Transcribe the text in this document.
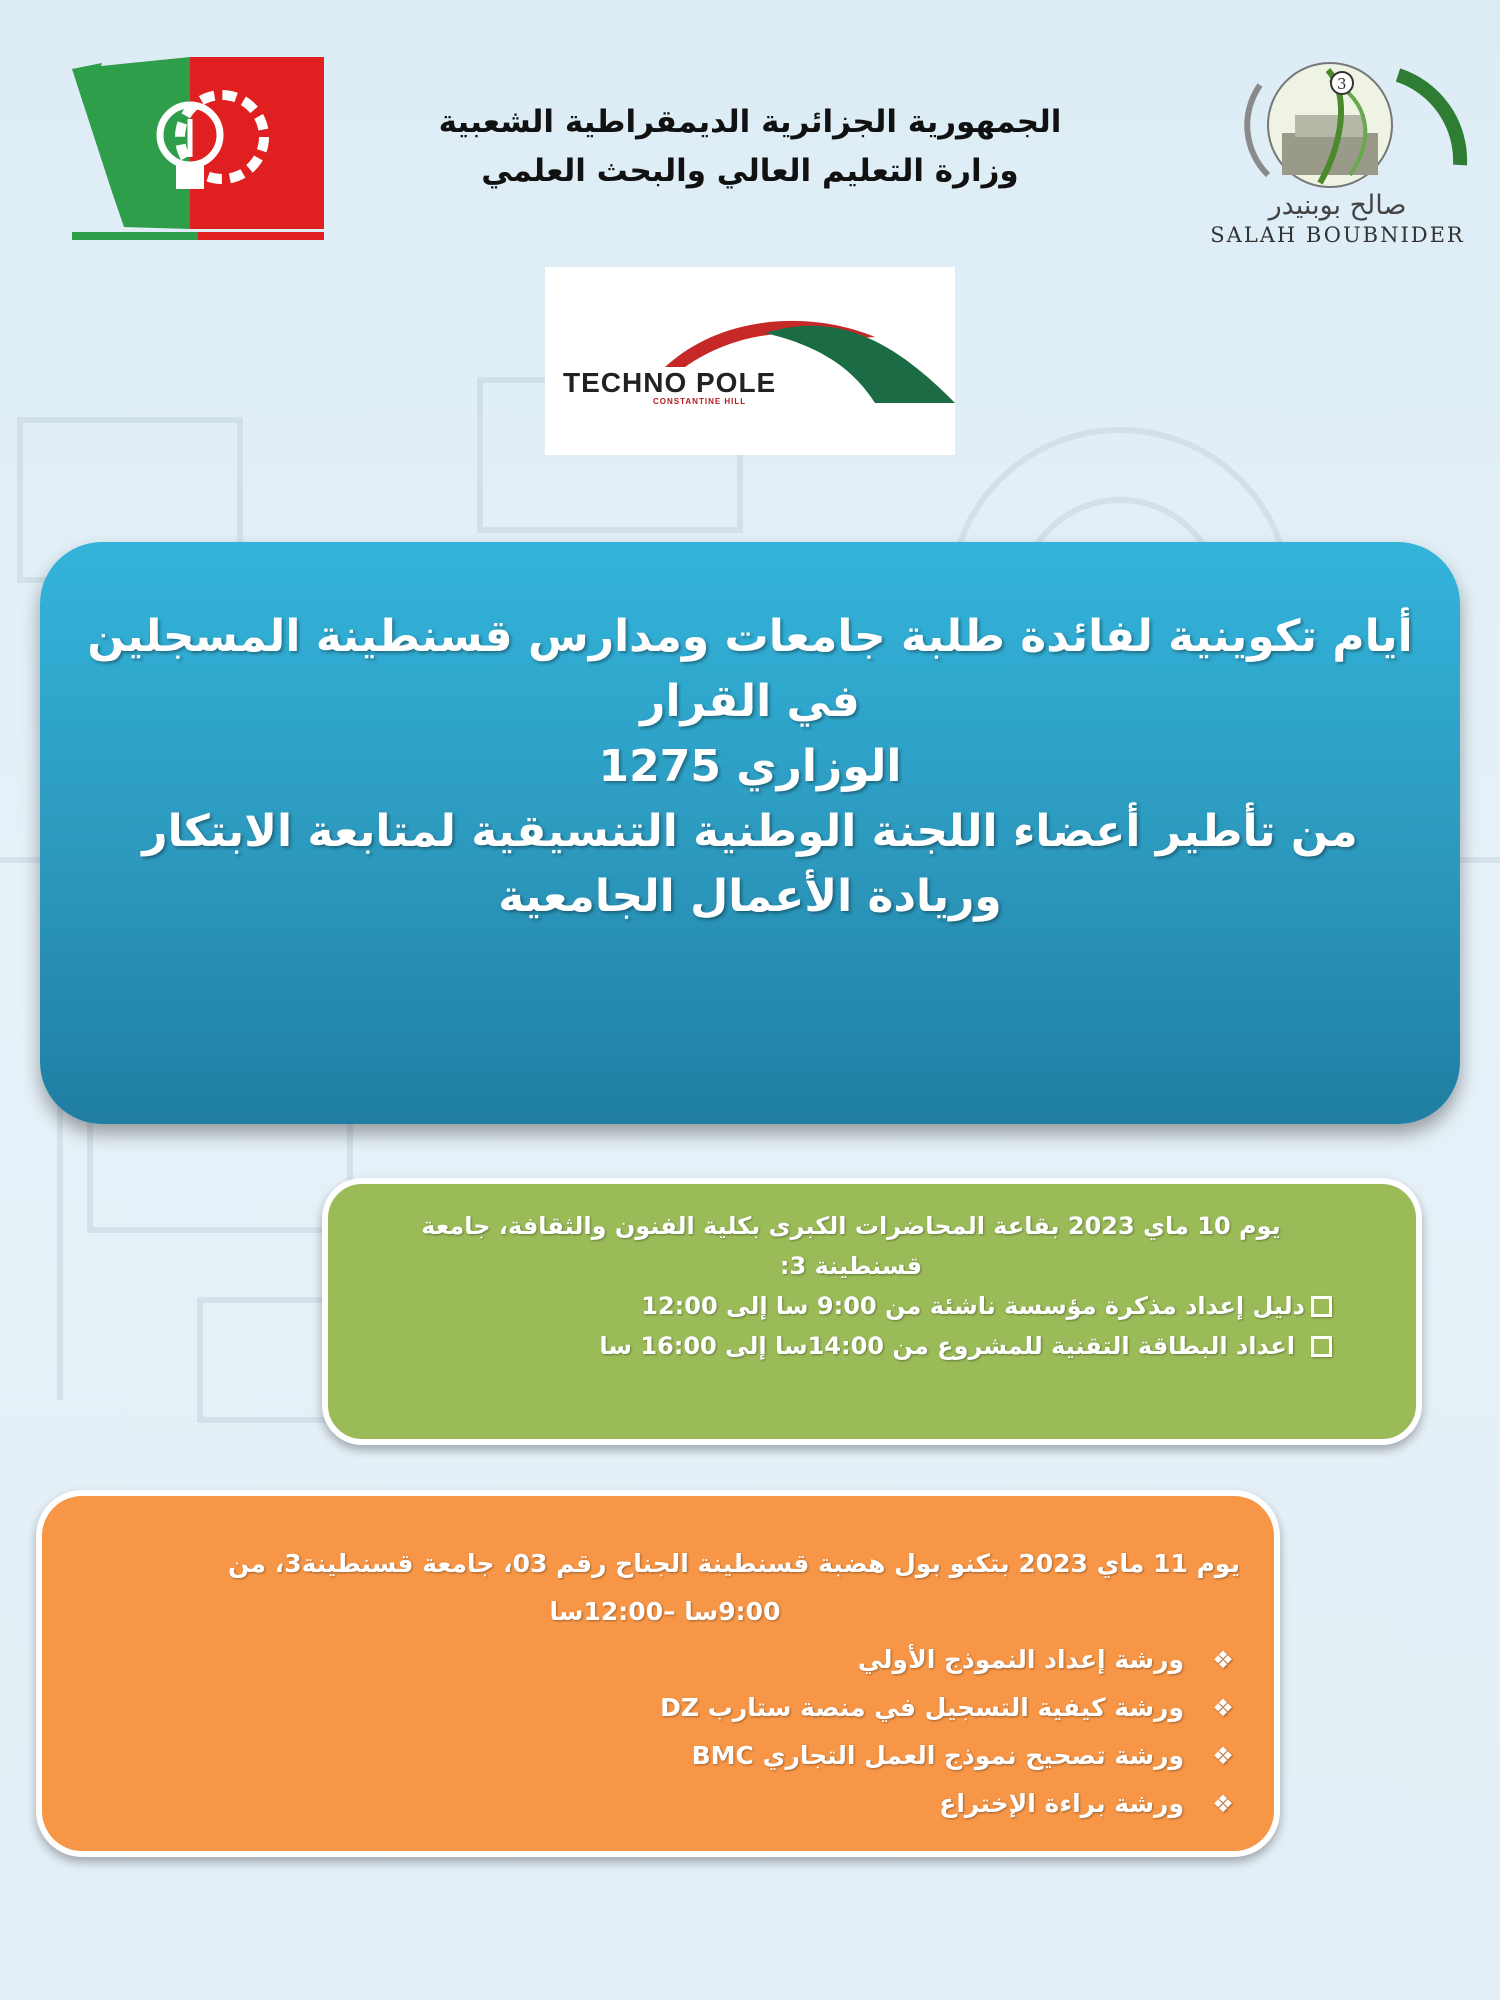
الجمهورية الجزائرية الديمقراطية الشعبية
وزارة التعليم العالي والبحث العلمي
3
صالح بوبنيدر
SALAH BOUBNIDER
TECHNO POLE
CONSTANTINE HILL
أيام تكوينية لفائدة طلبة جامعات ومدارس قسنطينة المسجلين
في القرار
الوزاري 1275
من تأطير أعضاء اللجنة الوطنية التنسيقية لمتابعة الابتكار
وريادة الأعمال الجامعية
يوم 10 ماي 2023 بقاعة المحاضرات الكبرى بكلية الفنون والثقافة، جامعة
قسنطينة 3:
دليل إعداد مذكرة مؤسسة ناشئة من 9:00 سا إلى 12:00
اعداد البطاقة التقنية للمشروع من 14:00سا إلى 16:00 سا
يوم 11 ماي 2023 بتكنو بول هضبة قسنطينة الجناح رقم 03، جامعة قسنطينة3، من
9:00سا –12:00سا
❖
ورشة إعداد النموذج الأولي
❖
ورشة كيفية التسجيل في منصة ستارب DZ
❖
ورشة تصحيح نموذج العمل التجاري BMC
❖
ورشة براءة الإختراع
